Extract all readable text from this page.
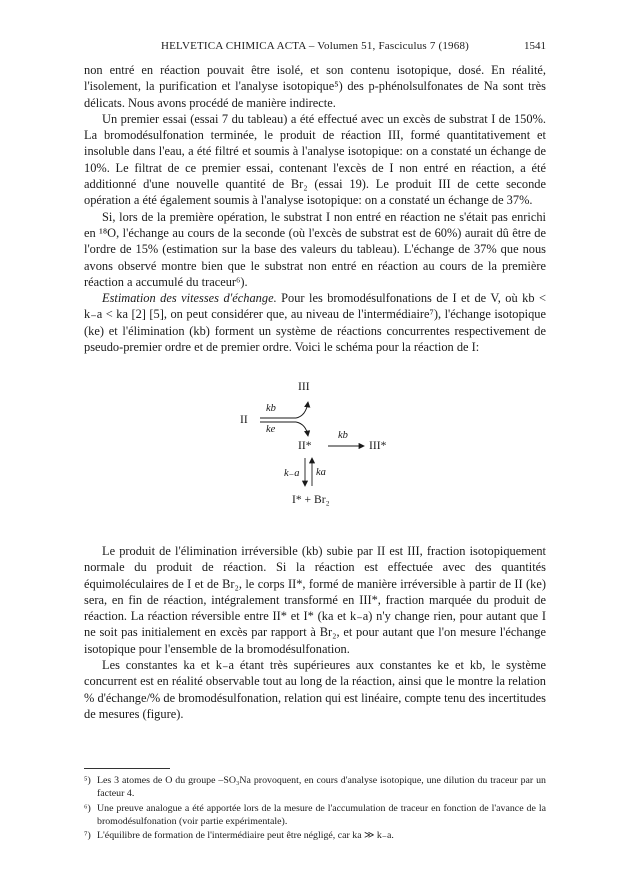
HELVETICA CHIMICA ACTA – Volumen 51, Fasciculus 7 (1968)	1541

non entré en réaction pouvait être isolé, et son contenu isotopique, dosé. En réalité, l'isolement, la purification et l'analyse isotopique⁵) des p-phénolsulfonates de Na sont très délicats. Nous avons procédé de manière indirecte.

Un premier essai (essai 7 du tableau) a été effectué avec un excès de substrat I de 150%. La bromodésulfonation terminée, le produit de réaction III, formé quantitativement et insoluble dans l'eau, a été filtré et soumis à l'analyse isotopique: on a constaté un échange de 10%. Le filtrat de ce premier essai, contenant l'excès de I non entré en réaction, a été additionné d'une nouvelle quantité de Br₂ (essai 19). Le produit III de cette seconde opération a été également soumis à l'analyse isotopique: on a constaté un échange de 37%.

Si, lors de la première opération, le substrat I non entré en réaction ne s'était pas enrichi en ¹⁸O, l'échange au cours de la seconde (où l'excès de substrat est de 60%) aurait dû être de l'ordre de 15% (estimation sur la base des valeurs du tableau). L'échange de 37% que nous avons observé montre bien que le substrat non entré en réaction au cours de la première réaction a accumulé du traceur⁶).

Estimation des vitesses d'échange. Pour les bromodésulfonations de I et de V, où kb < k₋a < ka [2] [5], on peut considérer que, au niveau de l'intermédiaire⁷), l'échange isotopique (ke) et l'élimination (kb) forment un système de réactions concurrentes respectivement de pseudo-premier ordre et de premier ordre. Voici le schéma pour la réaction de I:

III
II
II*	III*
I* + Br₂
kb
ke
kb
k₋a ka

Le produit de l'élimination irréversible (kb) subie par II est III, fraction isotopiquement normale du produit de réaction. Si la réaction est effectuée avec des quantités équimoléculaires de I et de Br₂, le corps II*, formé de manière irréversible à partir de II (ke) sera, en fin de réaction, intégralement transformé en III*, fraction marquée du produit de réaction. La réaction réversible entre II* et I* (ka et k₋a) n'y change rien, pour autant que I ne soit pas initialement en excès par rapport à Br₂, et pour autant que l'on mesure l'échange isotopique pour l'ensemble de la bromodésulfonation.

Les constantes ka et k₋a étant très supérieures aux constantes ke et kb, le système concurrent est en réalité observable tout au long de la réaction, ainsi que le montre la relation % d'échange/% de bromodésulfonation, relation qui est linéaire, compte tenu des incertitudes de mesures (figure).

⁵) Les 3 atomes de O du groupe –SO₃Na provoquent, en cours d'analyse isotopique, une dilution du traceur par un facteur 4.
⁶) Une preuve analogue a été apportée lors de la mesure de l'accumulation de traceur en fonction de l'avance de la bromodésulfonation (voir partie expérimentale).
⁷) L'équilibre de formation de l'intermédiaire peut être négligé, car ka ≫ k₋a.
